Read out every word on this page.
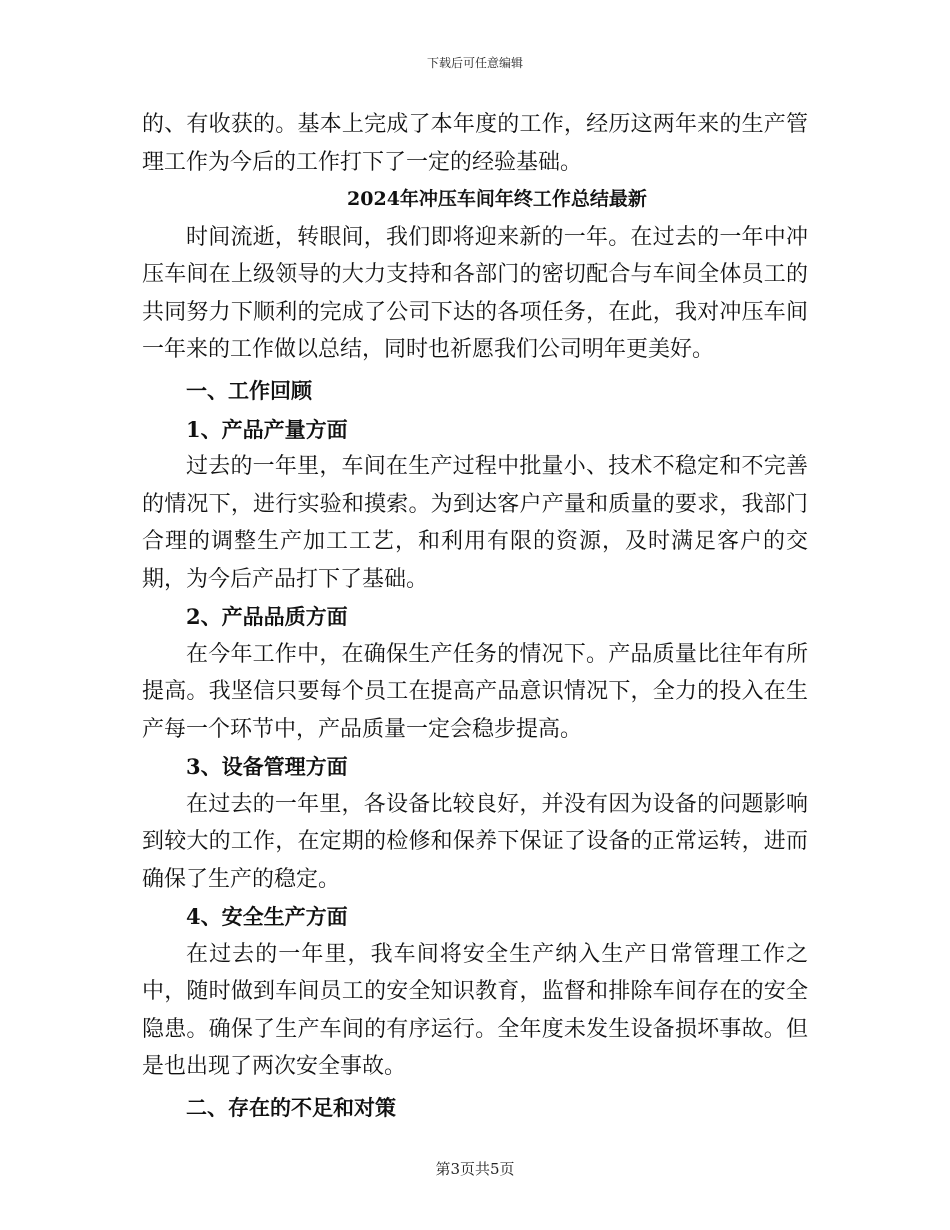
下载后可任意编辑

的、有收获的。基本上完成了本年度的工作，经历这两年来的生产管理工作为今后的工作打下了一定的经验基础。

2024年冲压车间年终工作总结最新

时间流逝，转眼间，我们即将迎来新的一年。在过去的一年中冲压车间在上级领导的大力支持和各部门的密切配合与车间全体员工的共同努力下顺利的完成了公司下达的各项任务，在此，我对冲压车间一年来的工作做以总结，同时也祈愿我们公司明年更美好。

一、工作回顾

1、产品产量方面

过去的一年里，车间在生产过程中批量小、技术不稳定和不完善的情况下，进行实验和摸索。为到达客户产量和质量的要求，我部门合理的调整生产加工工艺，和利用有限的资源，及时满足客户的交期，为今后产品打下了基础。

2、产品品质方面

在今年工作中，在确保生产任务的情况下。产品质量比往年有所提高。我坚信只要每个员工在提高产品意识情况下，全力的投入在生产每一个环节中，产品质量一定会稳步提高。

3、设备管理方面

在过去的一年里，各设备比较良好，并没有因为设备的问题影响到较大的工作，在定期的检修和保养下保证了设备的正常运转，进而确保了生产的稳定。

4、安全生产方面

在过去的一年里，我车间将安全生产纳入生产日常管理工作之中，随时做到车间员工的安全知识教育，监督和排除车间存在的安全隐患。确保了生产车间的有序运行。全年度未发生设备损坏事故。但是也出现了两次安全事故。

二、存在的不足和对策

第3页共5页
